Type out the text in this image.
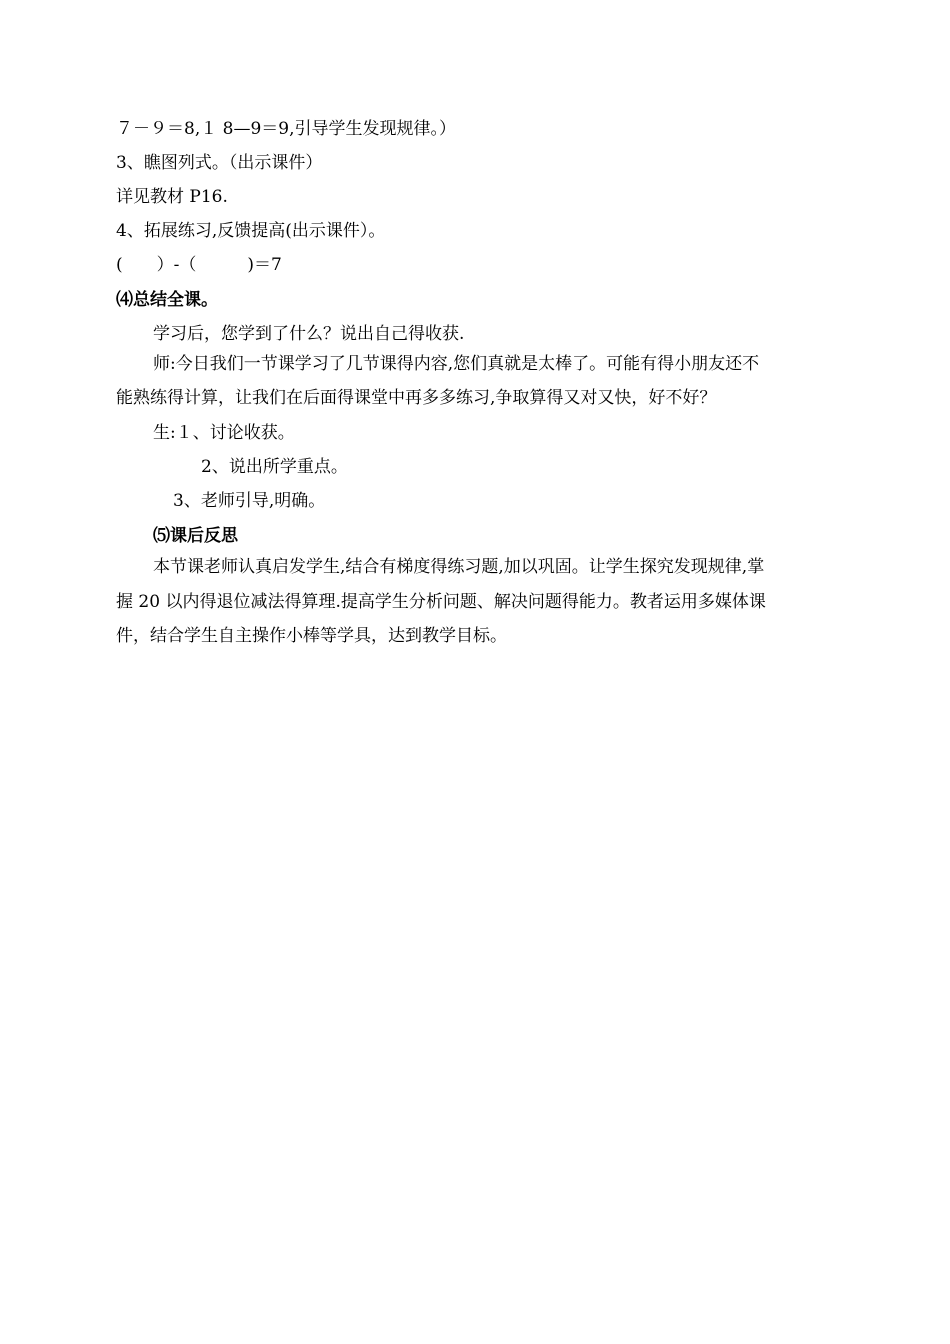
７－９＝8,１ 8—9＝9,引导学生发现规律。）
3、瞧图列式。（出示课件）
详见教材 P16.
4、拓展练习,反馈提高(出示课件）。
(　　）-（　　　)＝7
⑷总结全课。
学习后，您学到了什么？说出自己得收获.
师:今日我们一节课学习了几节课得内容,您们真就是太棒了。可能有得小朋友还不
能熟练得计算，让我们在后面得课堂中再多多练习,争取算得又对又快，好不好？
生:１、讨论收获。
2、说出所学重点。
3、老师引导,明确。
⑸课后反思
本节课老师认真启发学生,结合有梯度得练习题,加以巩固。让学生探究发现规律,掌
握 20 以内得退位减法得算理.提高学生分析问题、解决问题得能力。教者运用多媒体课
件，结合学生自主操作小棒等学具，达到教学目标。
